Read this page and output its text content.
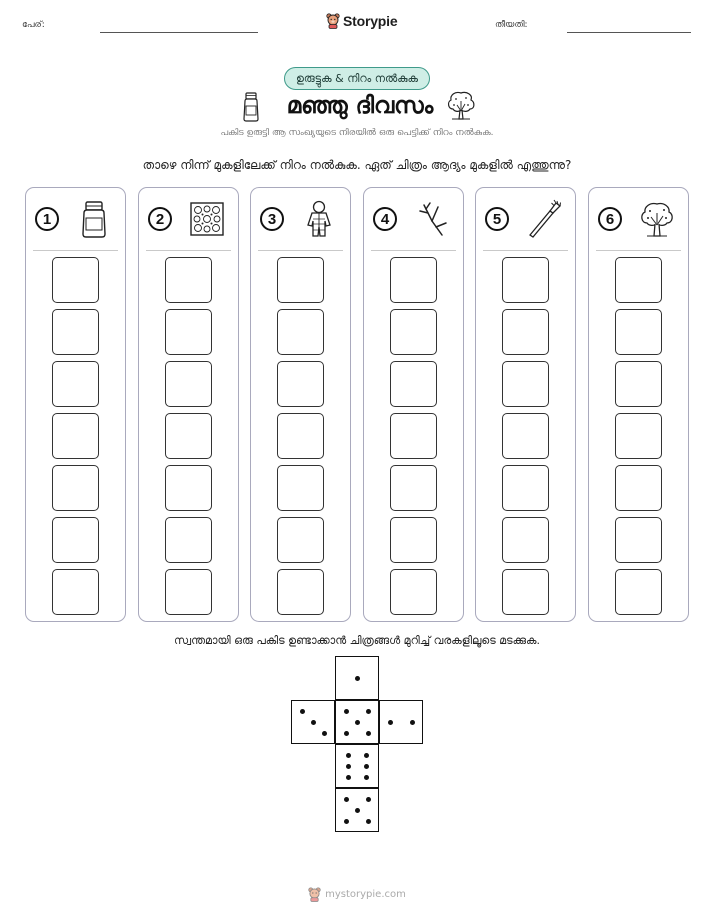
പേര്:	Storypie	തീയതി:
ഉരുട്ടുക & നിറം നൽകുക
മഞ്ഞു ദിവസം
പകിട ഉരുട്ടി ആ സംഖ്യയുടെ നിരയിൽ ഒരു പെട്ടിക്ക് നിറം നൽകുക.
താഴെ നിന്ന് മുകളിലേക്ക് നിറം നൽകുക. ഏത് ചിത്രം ആദ്യം മുകളിൽ എത്തുന്നു?
1	2	3	4	5	6
സ്വന്തമായി ഒരു പകിട ഉണ്ടാക്കാൻ ചിത്രങ്ങൾ മുറിച്ച് വരകളിലൂടെ മടക്കുക.
mystorypie.com
